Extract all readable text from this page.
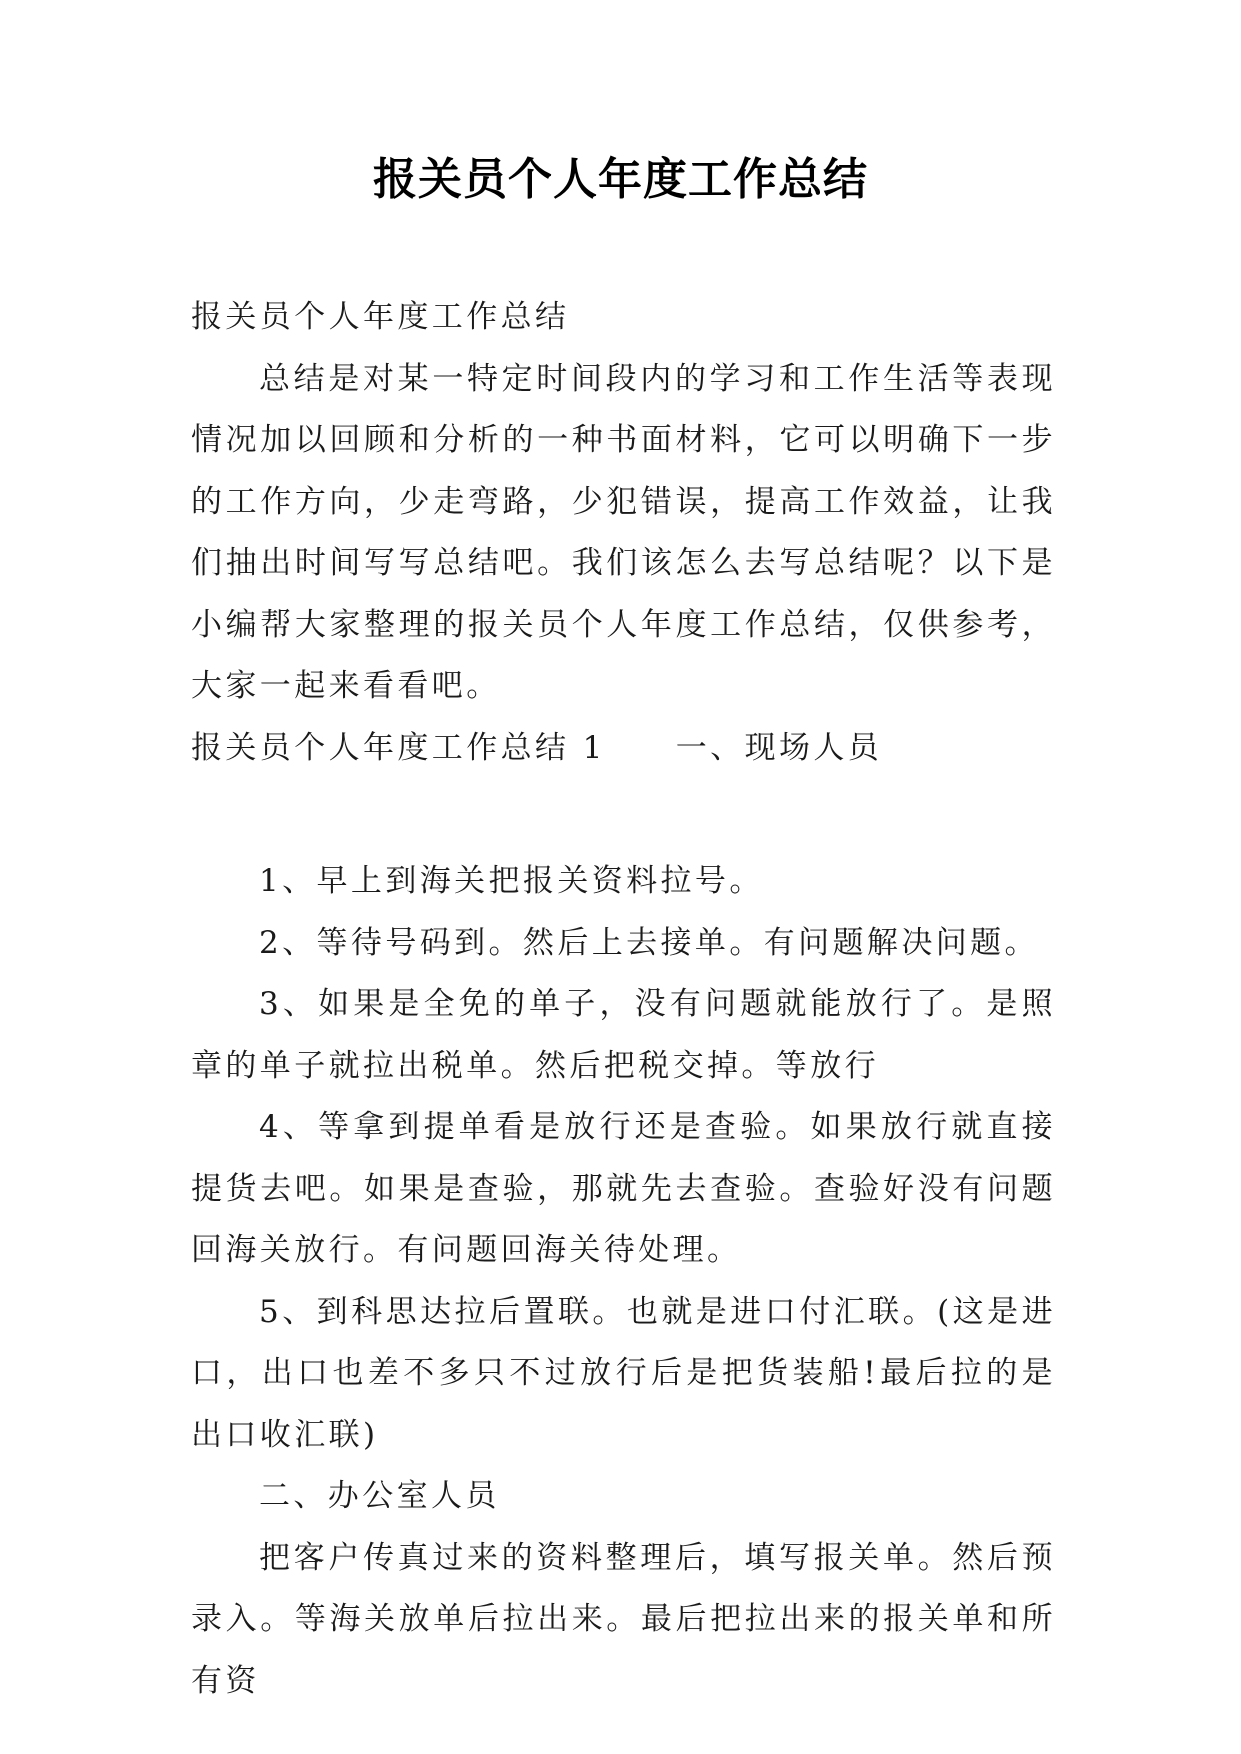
报关员个人年度工作总结

报关员个人年度工作总结

总结是对某一特定时间段内的学习和工作生活等表现情况加以回顾和分析的一种书面材料，它可以明确下一步的工作方向，少走弯路，少犯错误，提高工作效益，让我们抽出时间写写总结吧。我们该怎么去写总结呢？以下是小编帮大家整理的报关员个人年度工作总结，仅供参考，大家一起来看看吧。

报关员个人年度工作总结 1 一、现场人员

1、早上到海关把报关资料拉号。

2、等待号码到。然后上去接单。有问题解决问题。

3、如果是全免的单子，没有问题就能放行了。是照章的单子就拉出税单。然后把税交掉。等放行

4、等拿到提单看是放行还是查验。如果放行就直接提货去吧。如果是查验，那就先去查验。查验好没有问题回海关放行。有问题回海关待处理。

5、到科思达拉后置联。也就是进口付汇联。(这是进口，出口也差不多只不过放行后是把货装船!最后拉的是出口收汇联)

二、办公室人员

把客户传真过来的资料整理后，填写报关单。然后预录入。等海关放单后拉出来。最后把拉出来的报关单和所有资
